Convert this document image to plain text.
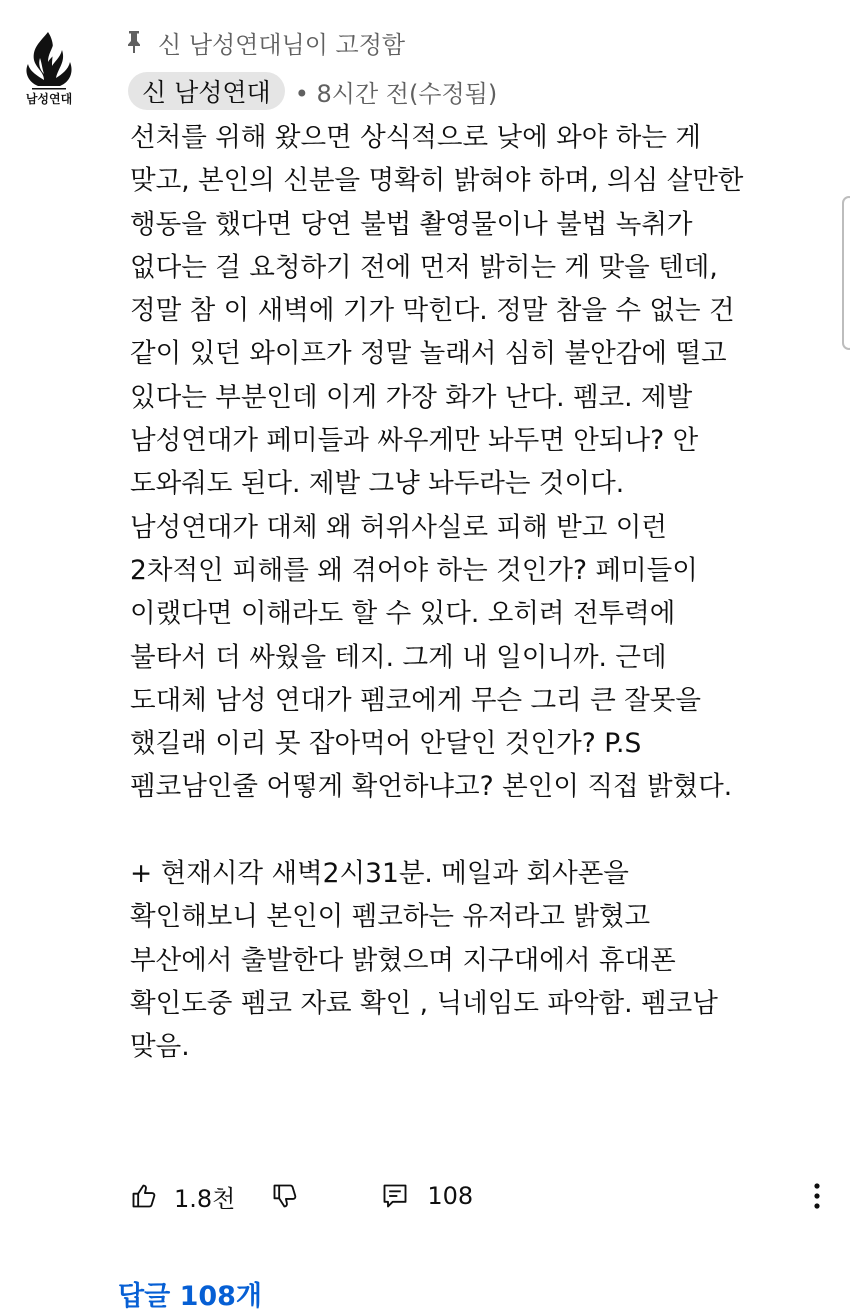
남성연대
신 남성연대님이 고정함
신 남성연대	• 8시간 전(수정됨)
선처를 위해 왔으면 상식적으로 낮에 와야 하는 게
맞고, 본인의 신분을 명확히 밝혀야 하며, 의심 살만한
행동을 했다면 당연 불법 촬영물이나 불법 녹취가
없다는 걸 요청하기 전에 먼저 밝히는 게 맞을 텐데,
정말 참 이 새벽에 기가 막힌다. 정말 참을 수 없는 건
같이 있던 와이프가 정말 놀래서 심히 불안감에 떨고
있다는 부분인데 이게 가장 화가 난다. 펨코. 제발
남성연대가 페미들과 싸우게만 놔두면 안되나? 안
도와줘도 된다. 제발 그냥 놔두라는 것이다.
남성연대가 대체 왜 허위사실로 피해 받고 이런
2차적인 피해를 왜 겪어야 하는 것인가? 페미들이
이랬다면 이해라도 할 수 있다. 오히려 전투력에
불타서 더 싸웠을 테지. 그게 내 일이니까. 근데
도대체 남성 연대가 펨코에게 무슨 그리 큰 잘못을
했길래 이리 못 잡아먹어 안달인 것인가? P.S
펨코남인줄 어떻게 확언하냐고? 본인이 직접 밝혔다.
+ 현재시각 새벽2시31분. 메일과 회사폰을
확인해보니 본인이 펨코하는 유저라고 밝혔고
부산에서 출발한다 밝혔으며 지구대에서 휴대폰
확인도중 펨코 자료 확인 , 닉네임도 파악함. 펨코남
맞음.
1.8천	108
답글 108개
